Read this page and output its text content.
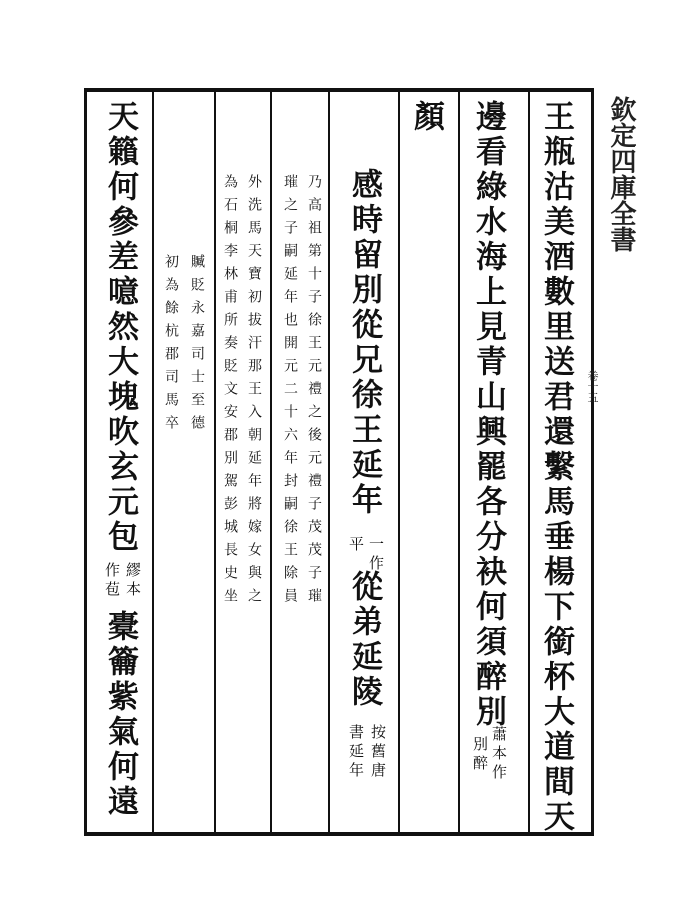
欽定四庫全書
卷十五
王瓶沽美酒數里送君還繫馬垂楊下銜杯大道間天
邊看綠水海上見青山興罷各分袂何須醉別
蕭本作
別醉
顏
感時留別從兄徐王延年
一作
平
從弟延陵
按舊唐
書延年
乃高祖第十子徐王元禮之後元禮子茂茂子璀
璀之子嗣延年也開元二十六年封嗣徐王除員
外洗馬天寶初拔汗那王入朝延年將嫁女與之
為石桐李林甫所奏貶文安郡別駕彭城長史坐
贓貶永嘉司士至德
初為餘杭郡司馬卒
天籟何參差噫然大塊吹玄元包
繆本
作苞
橐籥紫氣何遠
